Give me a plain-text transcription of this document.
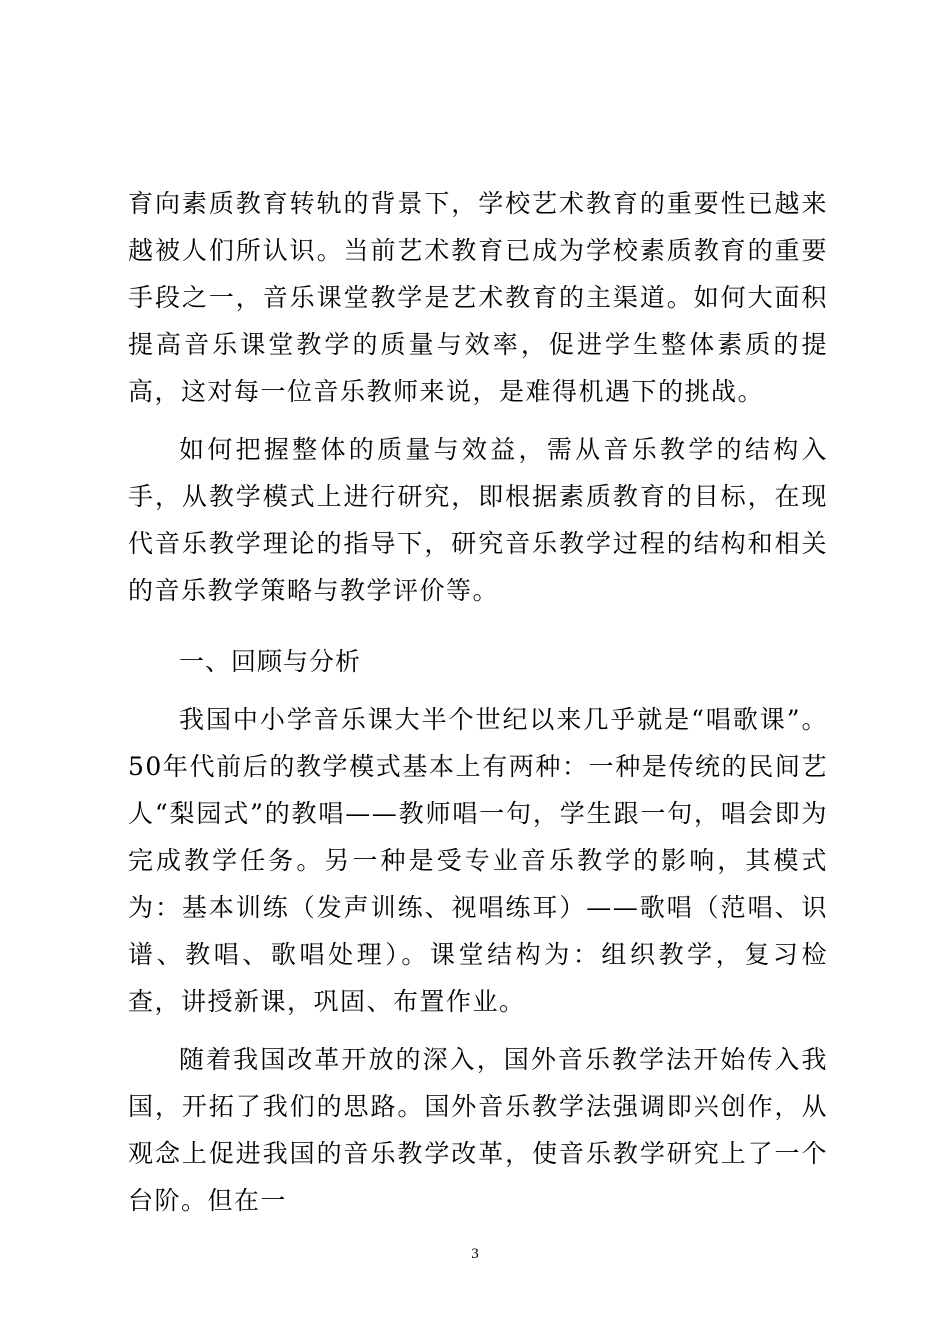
育向素质教育转轨的背景下，学校艺术教育的重要性已越来越被人们所认识。当前艺术教育已成为学校素质教育的重要手段之一，音乐课堂教学是艺术教育的主渠道。如何大面积提高音乐课堂教学的质量与效率，促进学生整体素质的提高，这对每一位音乐教师来说，是难得机遇下的挑战。

如何把握整体的质量与效益，需从音乐教学的结构入手，从教学模式上进行研究，即根据素质教育的目标，在现代音乐教学理论的指导下，研究音乐教学过程的结构和相关的音乐教学策略与教学评价等。

一、回顾与分析

我国中小学音乐课大半个世纪以来几乎就是“唱歌课”。50年代前后的教学模式基本上有两种：一种是传统的民间艺人“梨园式”的教唱——教师唱一句，学生跟一句，唱会即为完成教学任务。另一种是受专业音乐教学的影响，其模式为：基本训练（发声训练、视唱练耳）——歌唱（范唱、识谱、教唱、歌唱处理）。课堂结构为：组织教学，复习检查，讲授新课，巩固、布置作业。

随着我国改革开放的深入，国外音乐教学法开始传入我国，开拓了我们的思路。国外音乐教学法强调即兴创作，从观念上促进我国的音乐教学改革，使音乐教学研究上了一个台阶。但在一

3
